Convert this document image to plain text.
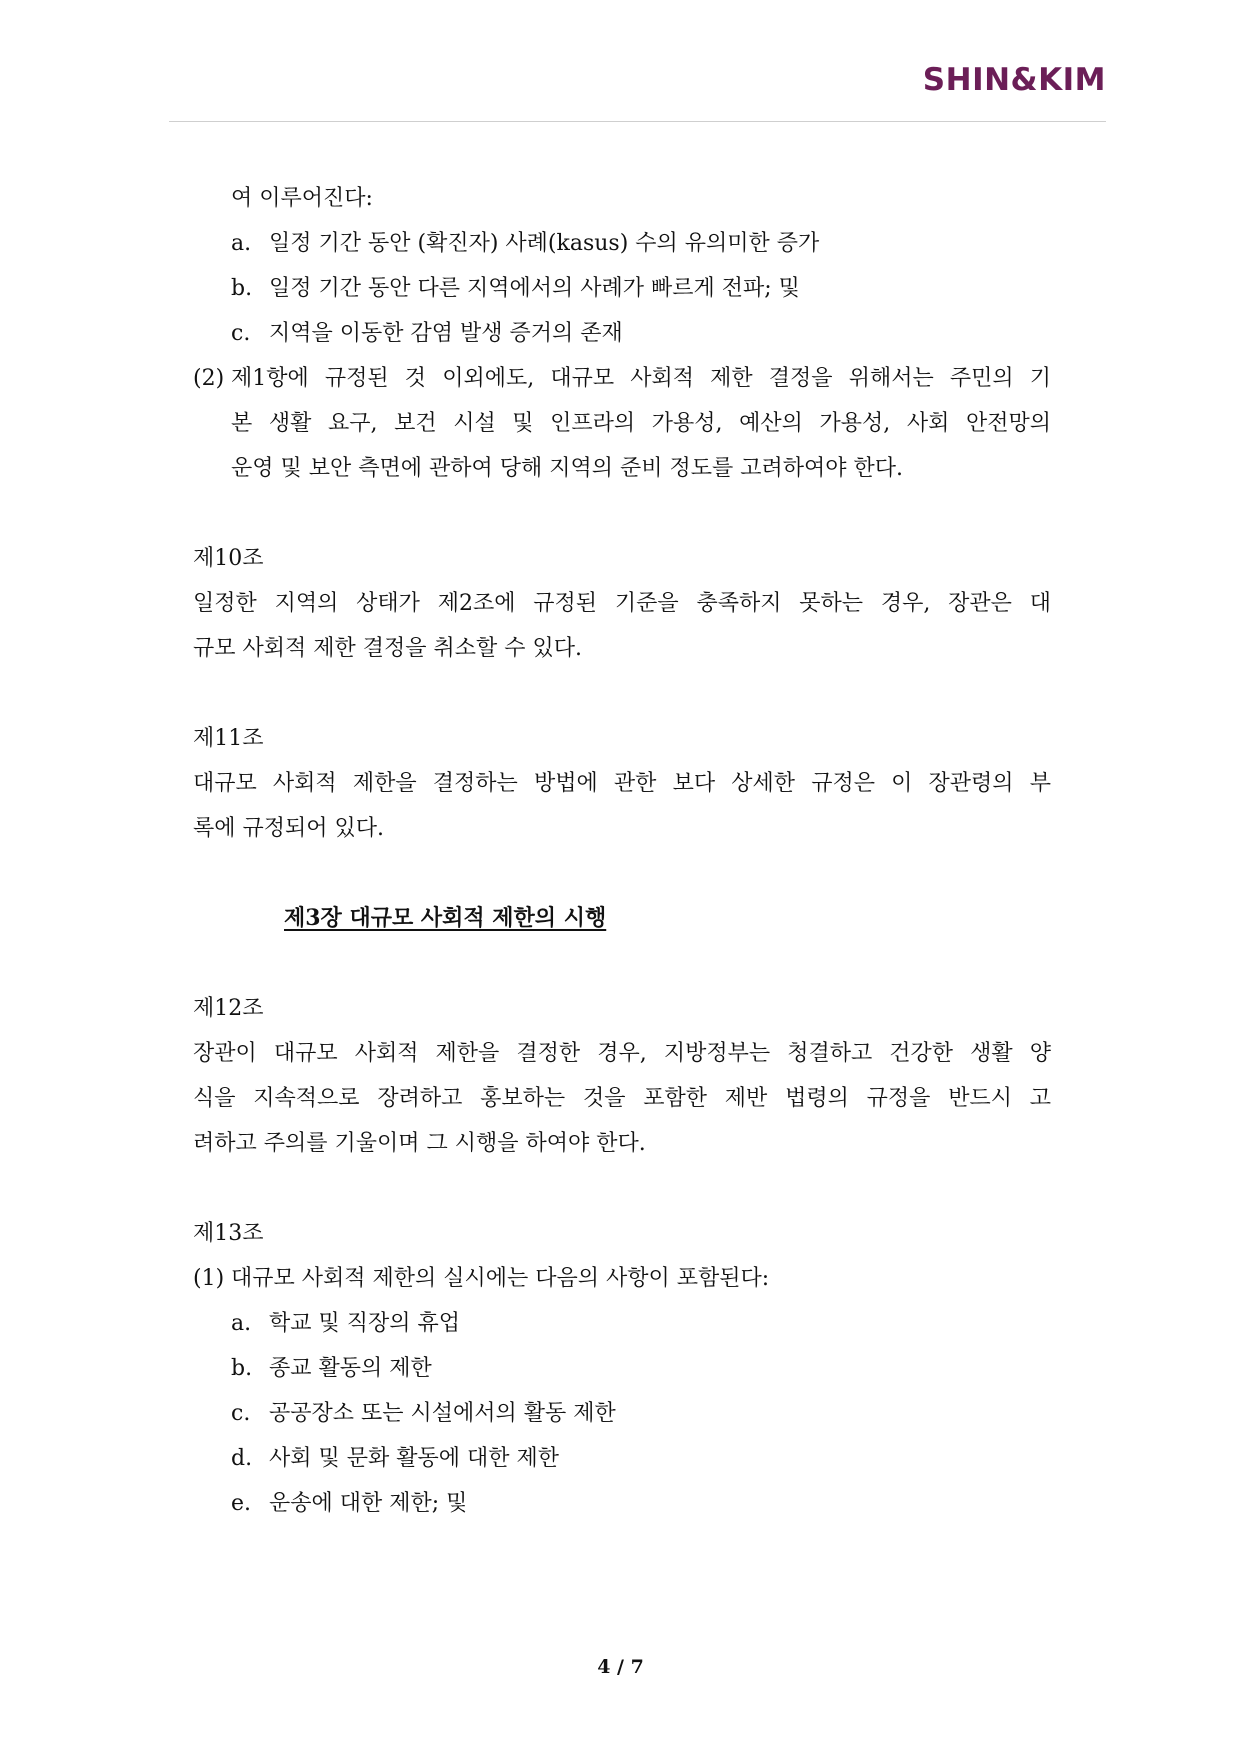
SHIN&KIM
여 이루어진다:
a. 일정 기간 동안 (확진자) 사례(kasus) 수의 유의미한 증가
b. 일정 기간 동안 다른 지역에서의 사례가 빠르게 전파; 및
c. 지역을 이동한 감염 발생 증거의 존재
(2) 제1항에 규정된 것 이외에도, 대규모 사회적 제한 결정을 위해서는 주민의 기
본 생활 요구, 보건 시설 및 인프라의 가용성, 예산의 가용성, 사회 안전망의
운영 및 보안 측면에 관하여 당해 지역의 준비 정도를 고려하여야 한다.
제10조
일정한 지역의 상태가 제2조에 규정된 기준을 충족하지 못하는 경우, 장관은 대
규모 사회적 제한 결정을 취소할 수 있다.
제11조
대규모 사회적 제한을 결정하는 방법에 관한 보다 상세한 규정은 이 장관령의 부
록에 규정되어 있다.
제3장 대규모 사회적 제한의 시행
제12조
장관이 대규모 사회적 제한을 결정한 경우, 지방정부는 청결하고 건강한 생활 양
식을 지속적으로 장려하고 홍보하는 것을 포함한 제반 법령의 규정을 반드시 고
려하고 주의를 기울이며 그 시행을 하여야 한다.
제13조
(1) 대규모 사회적 제한의 실시에는 다음의 사항이 포함된다:
a. 학교 및 직장의 휴업
b. 종교 활동의 제한
c. 공공장소 또는 시설에서의 활동 제한
d. 사회 및 문화 활동에 대한 제한
e. 운송에 대한 제한; 및
4 / 7
